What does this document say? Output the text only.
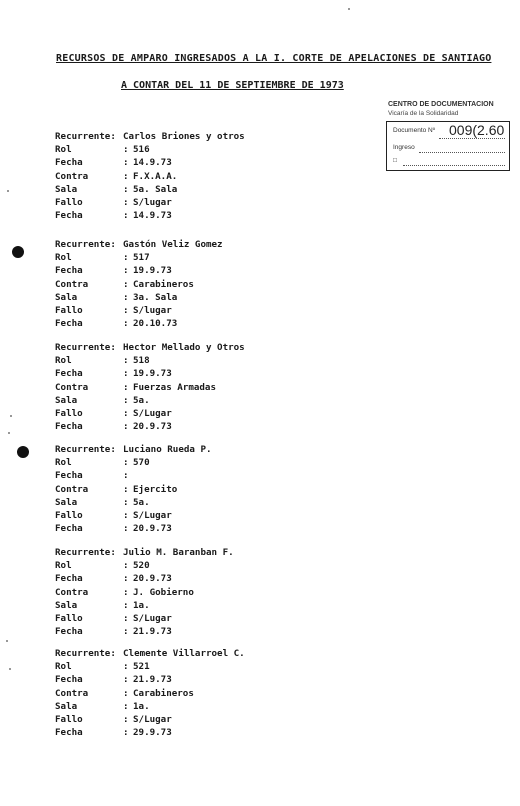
RECURSOS DE AMPARO INGRESADOS A LA I. CORTE DE APELACIONES DE SANTIAGO
A CONTAR DEL 11 DE SEPTIEMBRE DE 1973
CENTRO DE DOCUMENTACION
Vicaría de la Solidaridad
Documento Nº 009(2.60
Ingreso
□
Recurrente: Carlos Briones y otros
Rol	: 516
Fecha	: 14.9.73
Contra	: F.X.A.A.
Sala	: 5a. Sala
Fallo	: S/lugar
Fecha	: 14.9.73
Recurrente: Gastón Veliz Gomez
Rol	: 517
Fecha	: 19.9.73
Contra	: Carabineros
Sala	: 3a. Sala
Fallo	: S/lugar
Fecha	: 20.10.73
Recurrente: Hector Mellado y Otros
Rol	: 518
Fecha	: 19.9.73
Contra	: Fuerzas Armadas
Sala	: 5a.
Fallo	: S/Lugar
Fecha	: 20.9.73
Recurrente: Luciano Rueda P.
Rol	: 570
Fecha	:
Contra	: Ejercito
Sala	: 5a.
Fallo	: S/Lugar
Fecha	: 20.9.73
Recurrente: Julio M. Baranban F.
Rol	: 520
Fecha	: 20.9.73
Contra	: J. Gobierno
Sala	: 1a.
Fallo	: S/Lugar
Fecha	: 21.9.73
Recurrente: Clemente Villarroel C.
Rol	: 521
Fecha	: 21.9.73
Contra	: Carabineros
Sala	: 1a.
Fallo	: S/Lugar
Fecha	: 29.9.73
